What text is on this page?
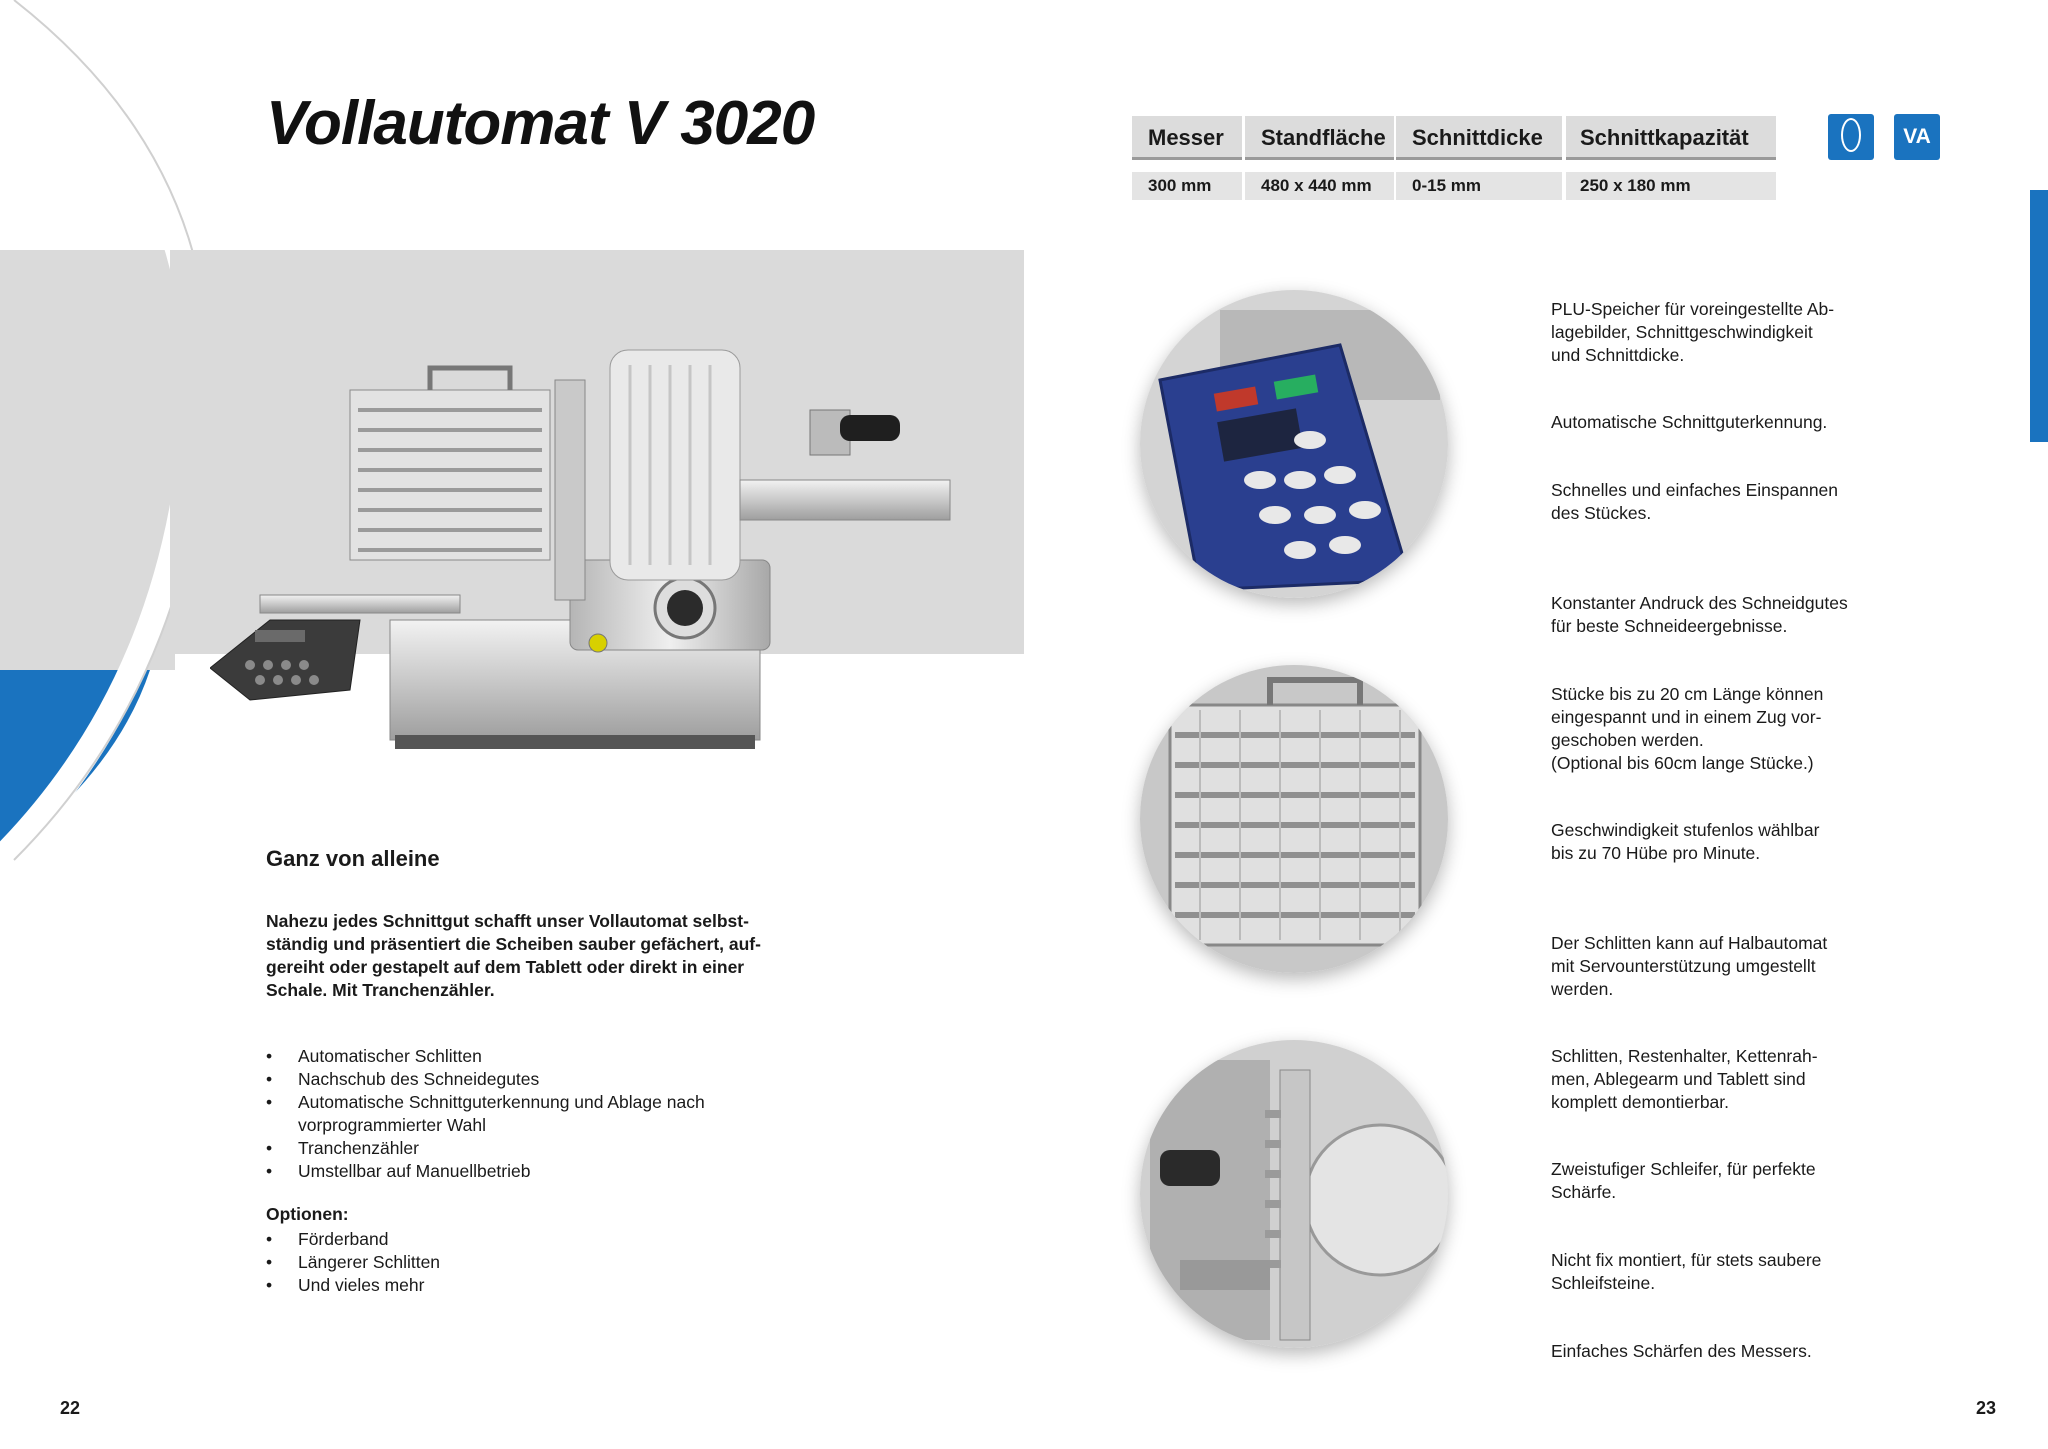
Vollautomat V 3020	Messer
300 mm
Standfläche
480 x 440 mm
Schnittdicke
0-15 mm
Schnittkapazität
250 x 180 mm
VA
Ganz von alleine

Nahezu jedes Schnittgut schafft unser Vollautomat selbst-
ständig und präsentiert die Scheiben sauber gefächert, auf-
gereiht oder gestapelt auf dem Tablett oder direkt in einer
Schale. Mit Tranchenzähler.

• Automatischer Schlitten
• Nachschub des Schneidegutes
• Automatische Schnittguterkennung und Ablage nach
vorprogrammierter Wahl
• Tranchenzähler
• Umstellbar auf Manuellbetrieb

Optionen:

• Förderband
• Längerer Schlitten
• Und vieles mehr

PLU-Speicher für voreingestellte Ab-
lagebilder, Schnittgeschwindigkeit
und Schnittdicke.

Automatische Schnittguterkennung.

Schnelles und einfaches Einspannen
des Stückes.

Konstanter Andruck des Schneidgutes
für beste Schneideergebnisse.

Stücke bis zu 20 cm Länge können
eingespannt und in einem Zug vor-
geschoben werden.
(Optional bis 60cm lange Stücke.)

Geschwindigkeit stufenlos wählbar
bis zu 70 Hübe pro Minute.

Der Schlitten kann auf Halbautomat
mit Servounterstützung umgestellt
werden.

Schlitten, Restenhalter, Kettenrah-
men, Ablegearm und Tablett sind
komplett demontierbar.

Zweistufiger Schleifer, für perfekte
Schärfe.

Nicht fix montiert, für stets saubere
Schleifsteine.

Einfaches Schärfen des Messers.

22	23
